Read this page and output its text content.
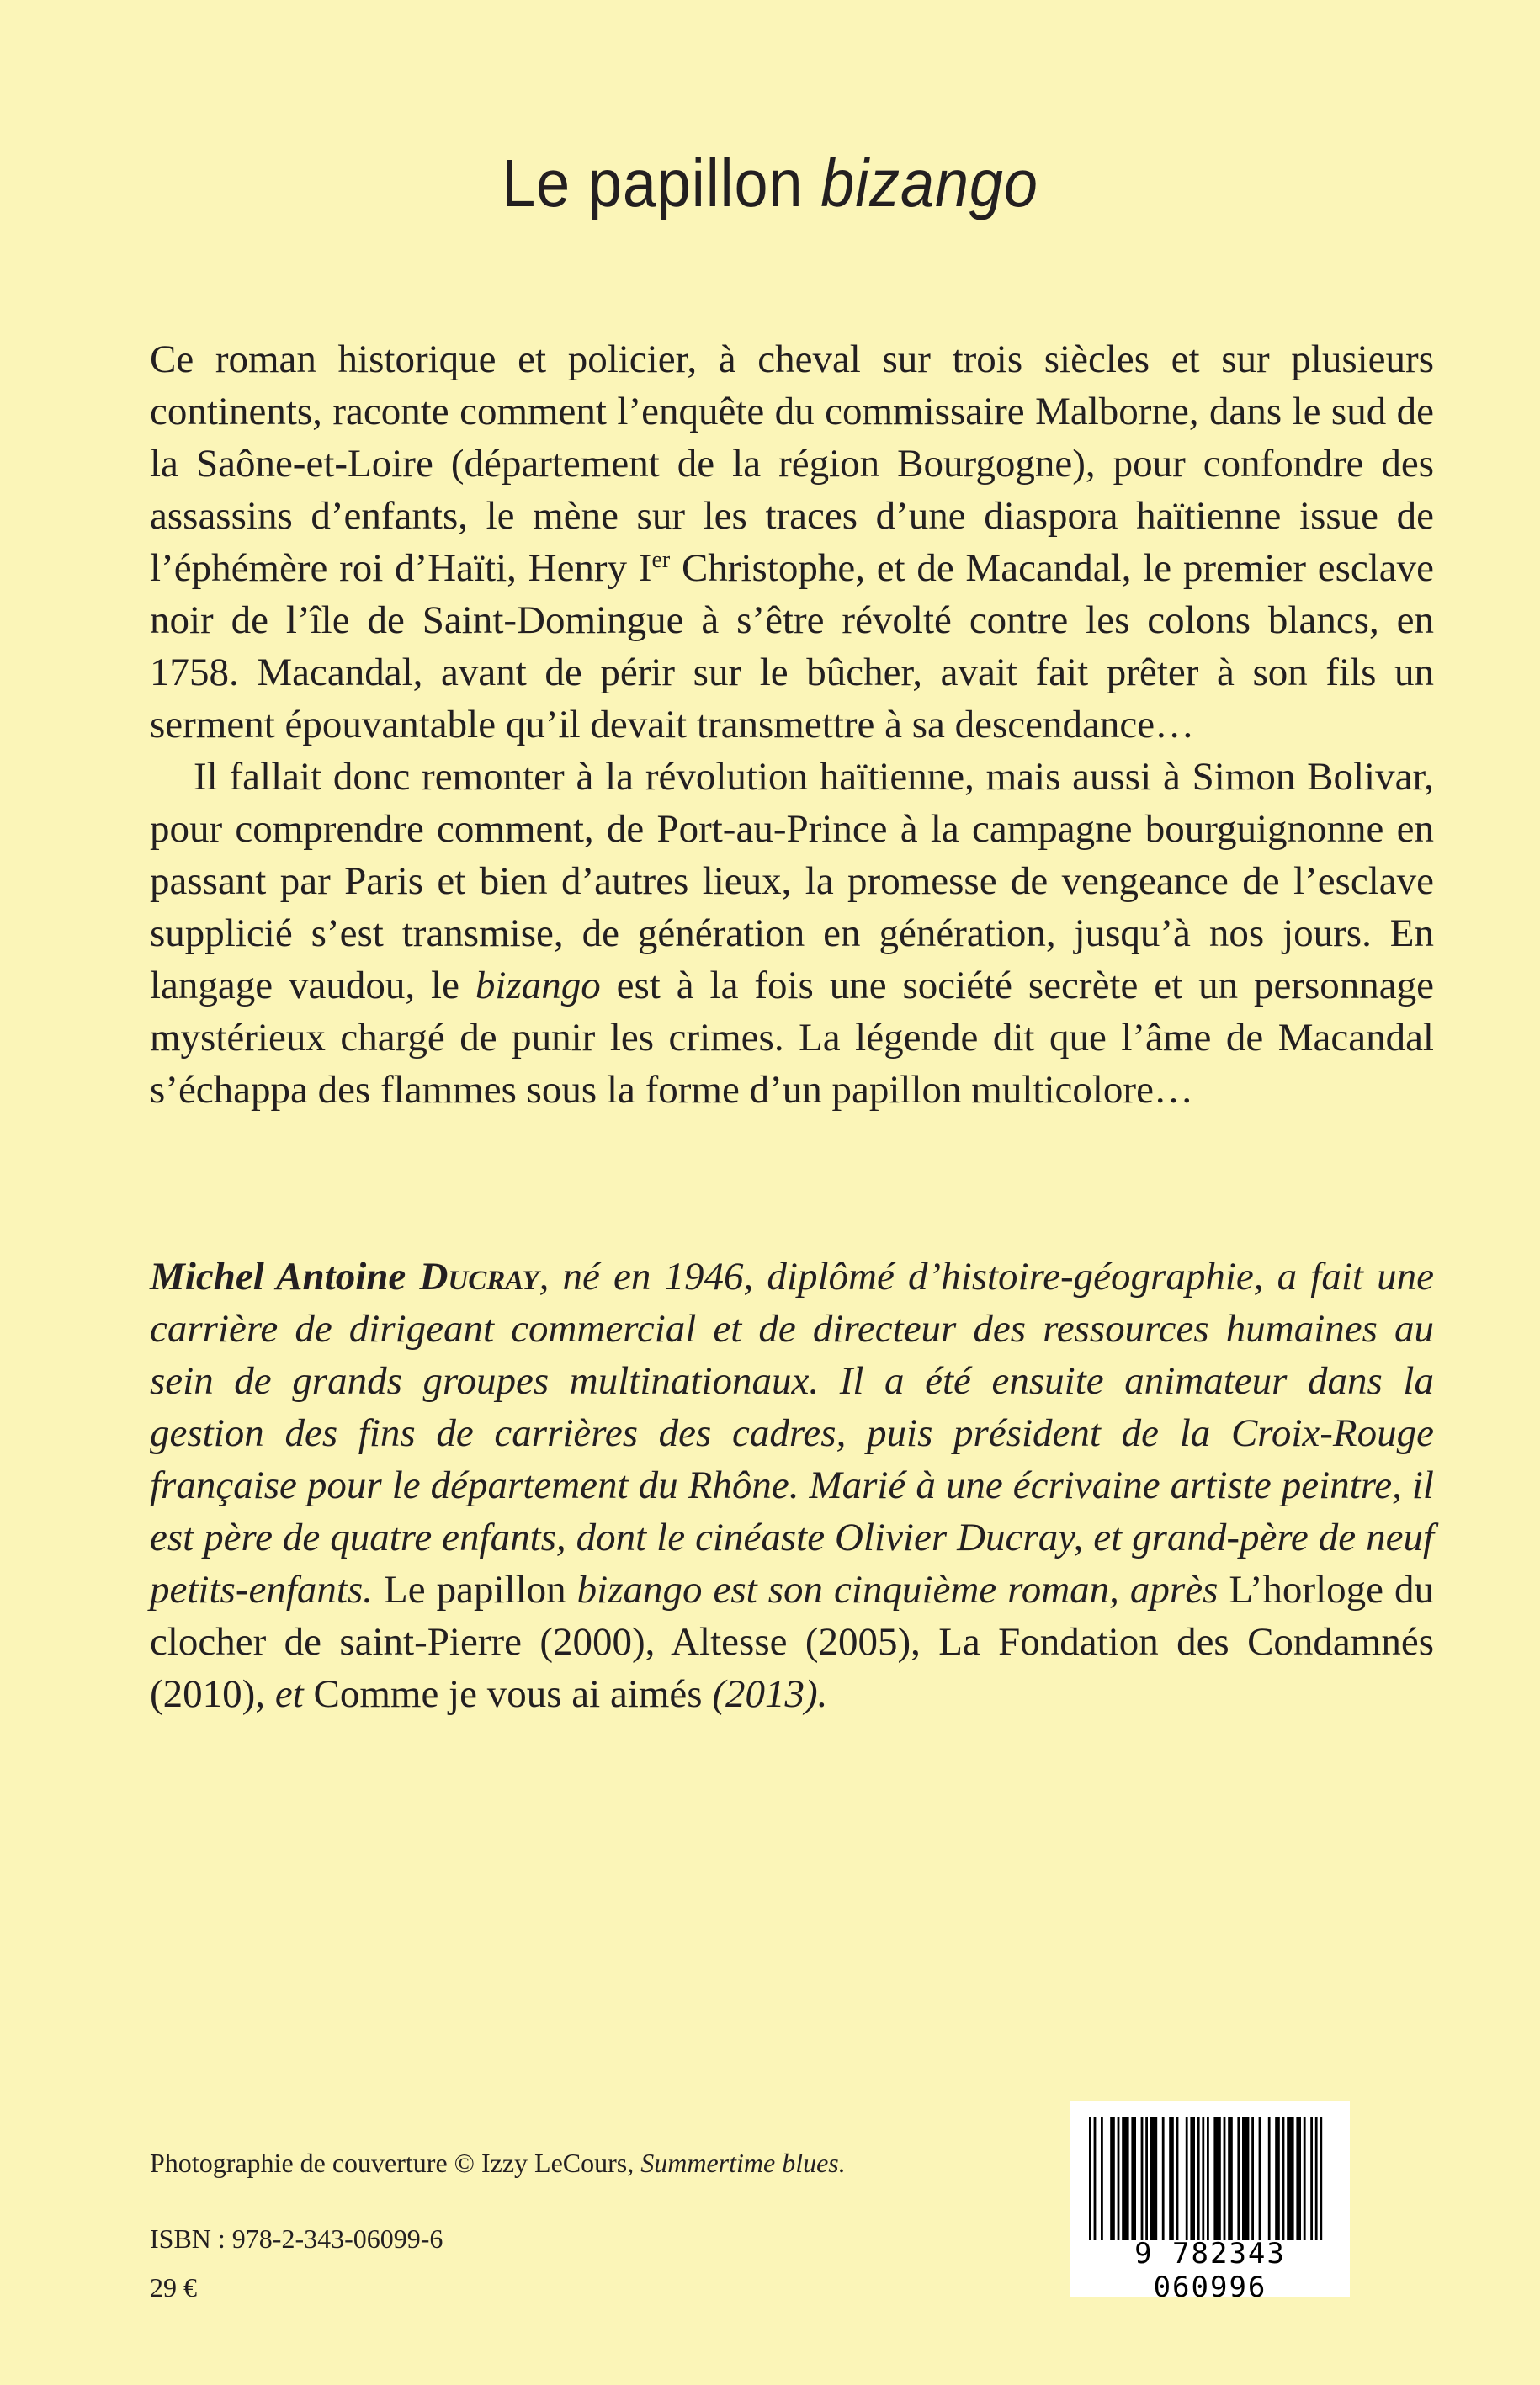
Le papillon bizango

Ce roman historique et policier, à cheval sur trois siècles et sur plusieurs continents, raconte comment l’enquête du commissaire Malborne, dans le sud de la Saône-et-Loire (département de la région Bourgogne), pour confondre des assassins d’enfants, le mène sur les traces d’une diaspora haïtienne issue de l’éphémère roi d’Haïti, Henry Ier Christophe, et de Macandal, le premier esclave noir de l’île de Saint-Domingue à s’être révolté contre les colons blancs, en 1758. Macandal, avant de périr sur le bûcher, avait fait prêter à son fils un serment épouvantable qu’il devait transmettre à sa descendance…

Il fallait donc remonter à la révolution haïtienne, mais aussi à Simon Bolivar, pour comprendre comment, de Port-au-Prince à la campagne bourguignonne en passant par Paris et bien d’autres lieux, la promesse de vengeance de l’esclave supplicié s’est transmise, de génération en génération, jusqu’à nos jours. En langage vaudou, le bizango est à la fois une société secrète et un personnage mystérieux chargé de punir les crimes. La légende dit que l’âme de Macandal s’échappa des flammes sous la forme d’un papillon multicolore…

Michel Antoine Ducray, né en 1946, diplômé d’histoire-géographie, a fait une carrière de dirigeant commercial et de directeur des ressources humaines au sein de grands groupes multinationaux. Il a été ensuite animateur dans la gestion des fins de carrières des cadres, puis président de la Croix-Rouge française pour le département du Rhône. Marié à une écrivaine artiste peintre, il est père de quatre enfants, dont le cinéaste Olivier Ducray, et grand-père de neuf petits-enfants. Le papillon bizango est son cinquième roman, après L’horloge du clocher de saint-Pierre (2000), Altesse (2005), La Fondation des Condamnés (2010), et Comme je vous ai aimés (2013).

Photographie de couverture © Izzy LeCours, Summertime blues.
ISBN : 978-2-343-06099-6
29 €
9 782343 060996
